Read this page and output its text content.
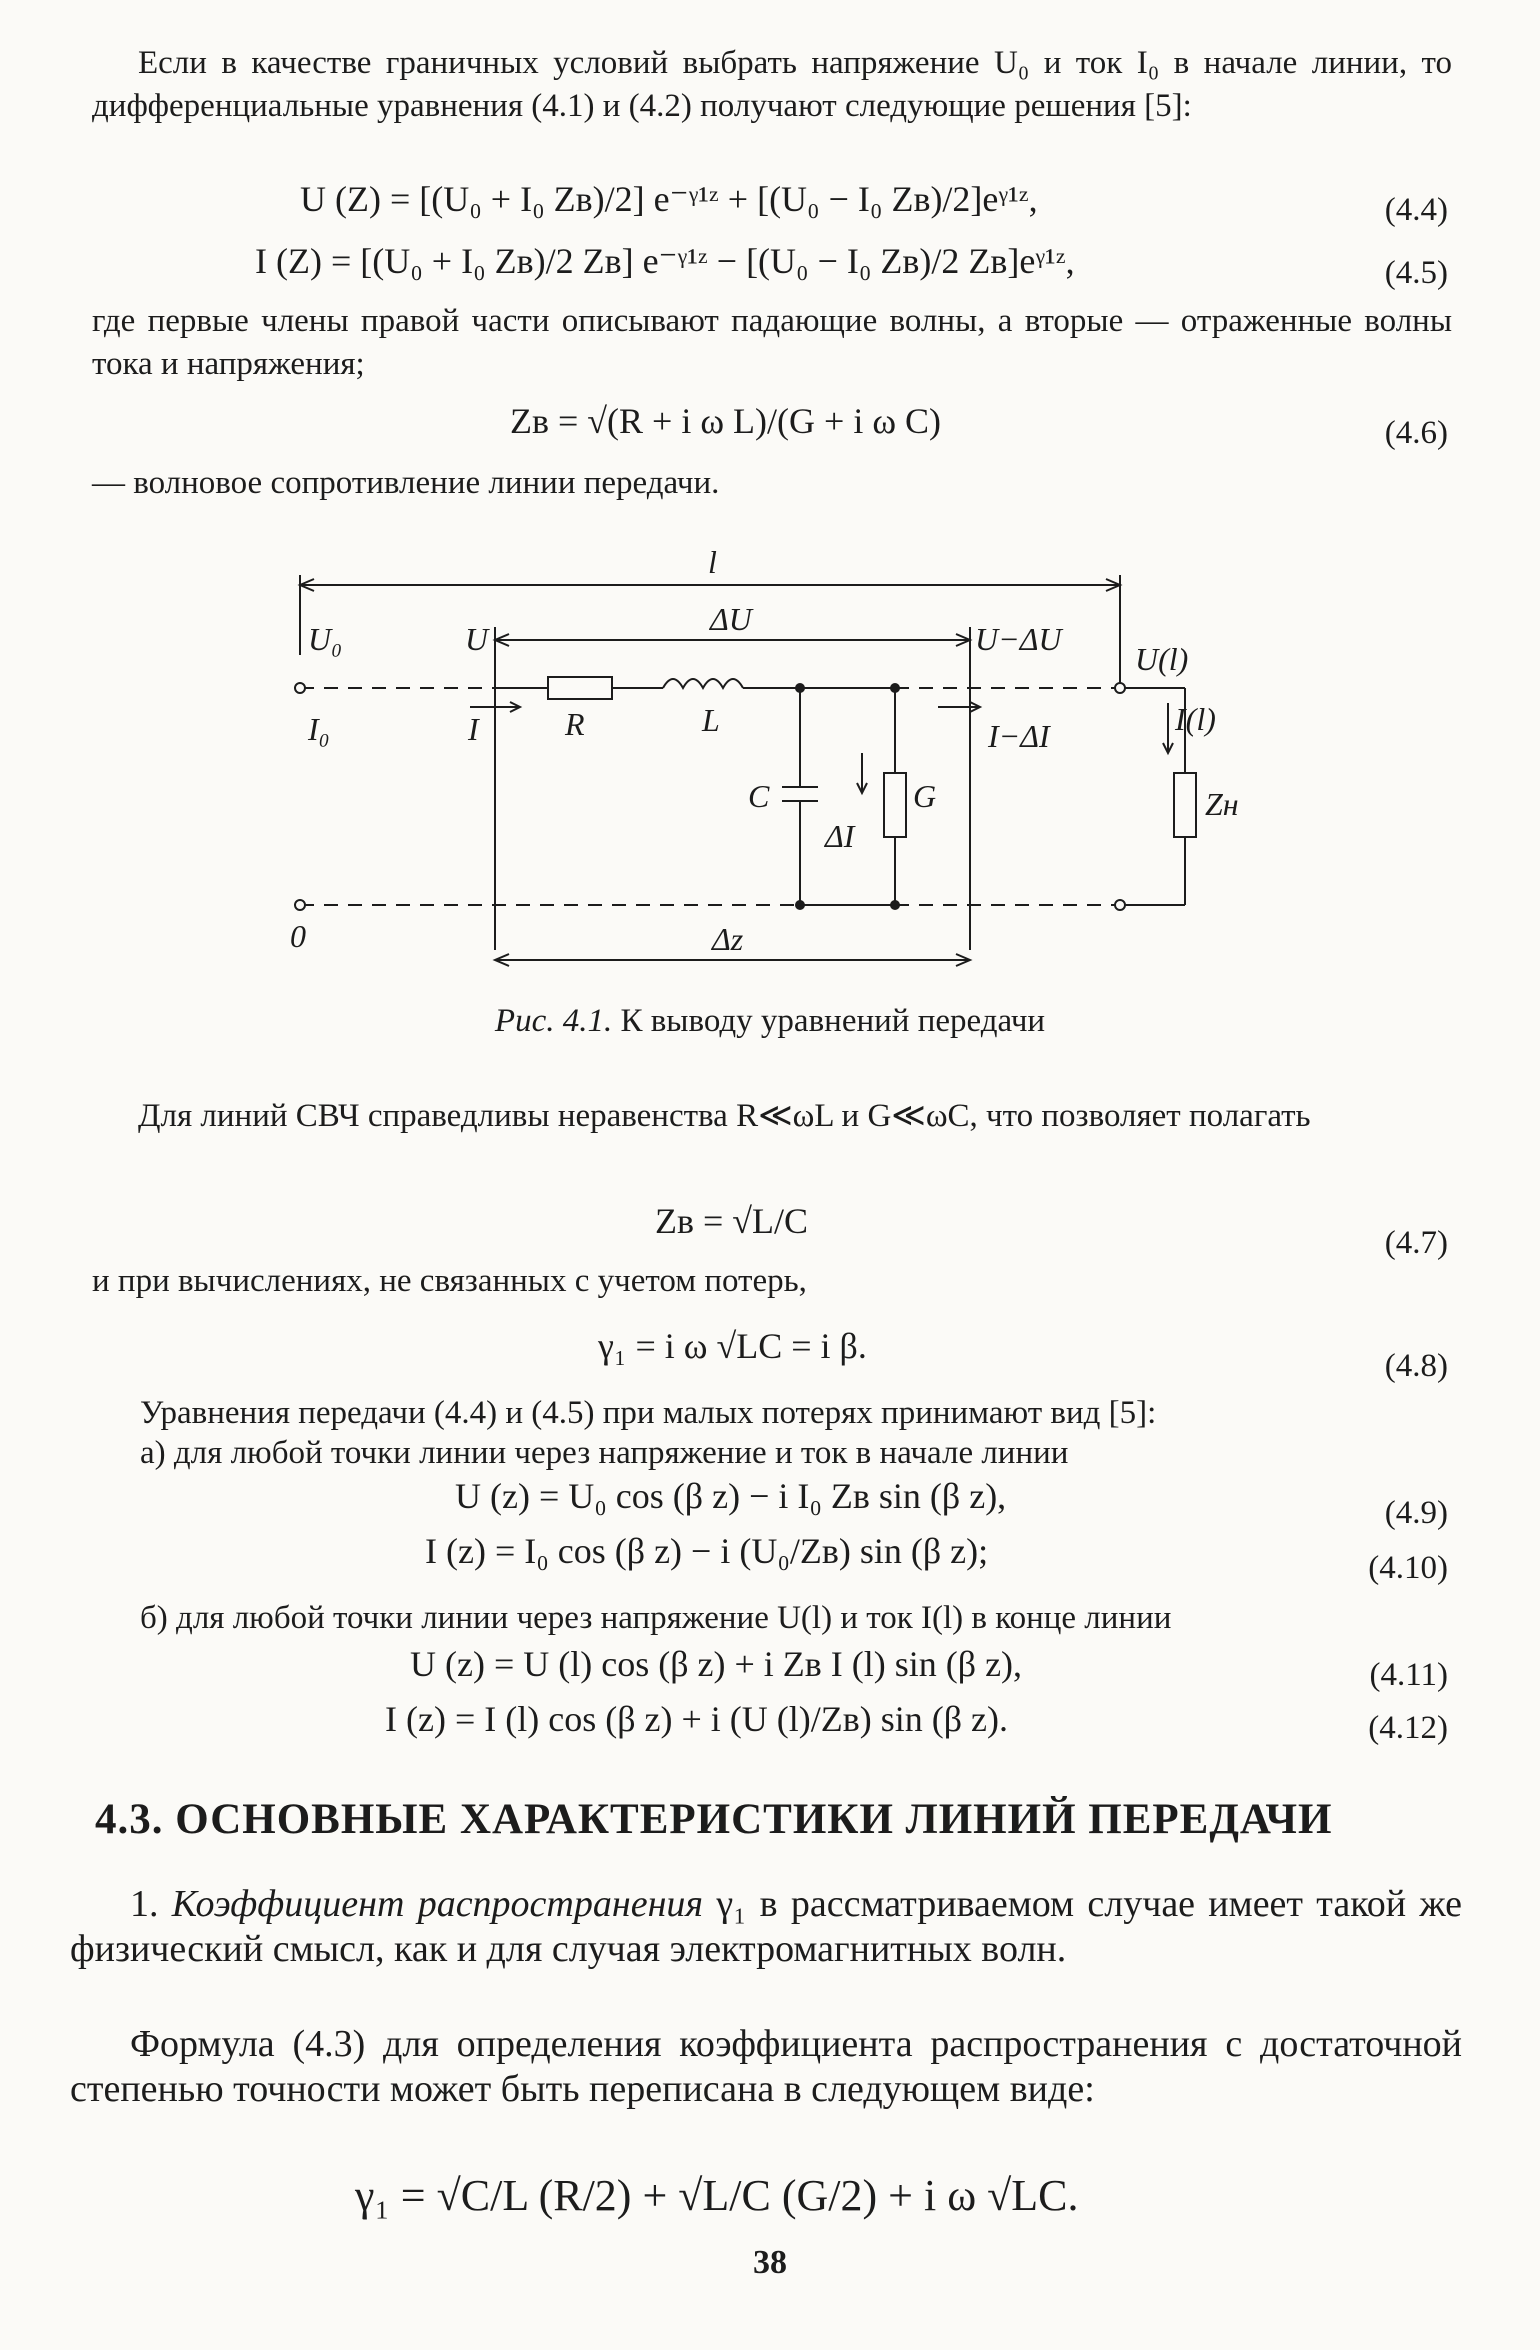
Если в качестве граничных условий выбрать напряжение U₀ и ток I₀ в начале линии, то дифференциальные уравнения (4.1) и (4.2) получают следующие решения [5]:
U (Z) = [(U₀ + I₀ Zв)/2] e⁻ᵞ¹ᶻ + [(U₀ − I₀ Zв)/2]eᵞ¹ᶻ,	(4.4)
I (Z) = [(U₀ + I₀ Zв)/2 Zв] e⁻ᵞ¹ᶻ − [(U₀ − I₀ Zв)/2 Zв]eᵞ¹ᶻ,	(4.5)
где первые члены правой части описывают падающие волны, а вторые — отраженные волны тока и напряжения;
Zв = √(R + i ω L)/(G + i ω C)	(4.6)
— волновое сопротивление линии передачи.
l
ΔU
U₀	U	U−ΔU
U(l)
I(l)
I₀	I	R	L	I−ΔI
C	G
ΔI
Zн
0	Δz
Рис. 4.1. К выводу уравнений передачи
Для линий СВЧ справедливы неравенства R≪ωL и G≪ωC, что позволяет полагать
Zв = √L/C
(4.7)
и при вычислениях, не связанных с учетом потерь,
γ₁ = i ω √LC = i β.	(4.8)
Уравнения передачи (4.4) и (4.5) при малых потерях принимают вид [5]:
а) для любой точки линии через напряжение и ток в начале линии
U (z) = U₀ cos (β z) − i I₀ Zв sin (β z),	(4.9)
I (z) = I₀ cos (β z) − i (U₀/Zв) sin (β z);	(4.10)
б) для любой точки линии через напряжение U(l) и ток I(l) в конце линии
U (z) = U (l) cos (β z) + i Zв I (l) sin (β z),	(4.11)
I (z) = I (l) cos (β z) + i (U (l)/Zв) sin (β z).	(4.12)
4.3. ОСНОВНЫЕ ХАРАКТЕРИСТИКИ ЛИНИЙ ПЕРЕДАЧИ
1. Коэффициент распространения γ₁ в рассматриваемом случае имеет такой же физический смысл, как и для случая электромагнитных волн.
Формула (4.3) для определения коэффициента распространения с достаточной степенью точности может быть переписана в следующем виде:
γ₁ = √C/L (R/2) + √L/C (G/2) + i ω √LC.
38
